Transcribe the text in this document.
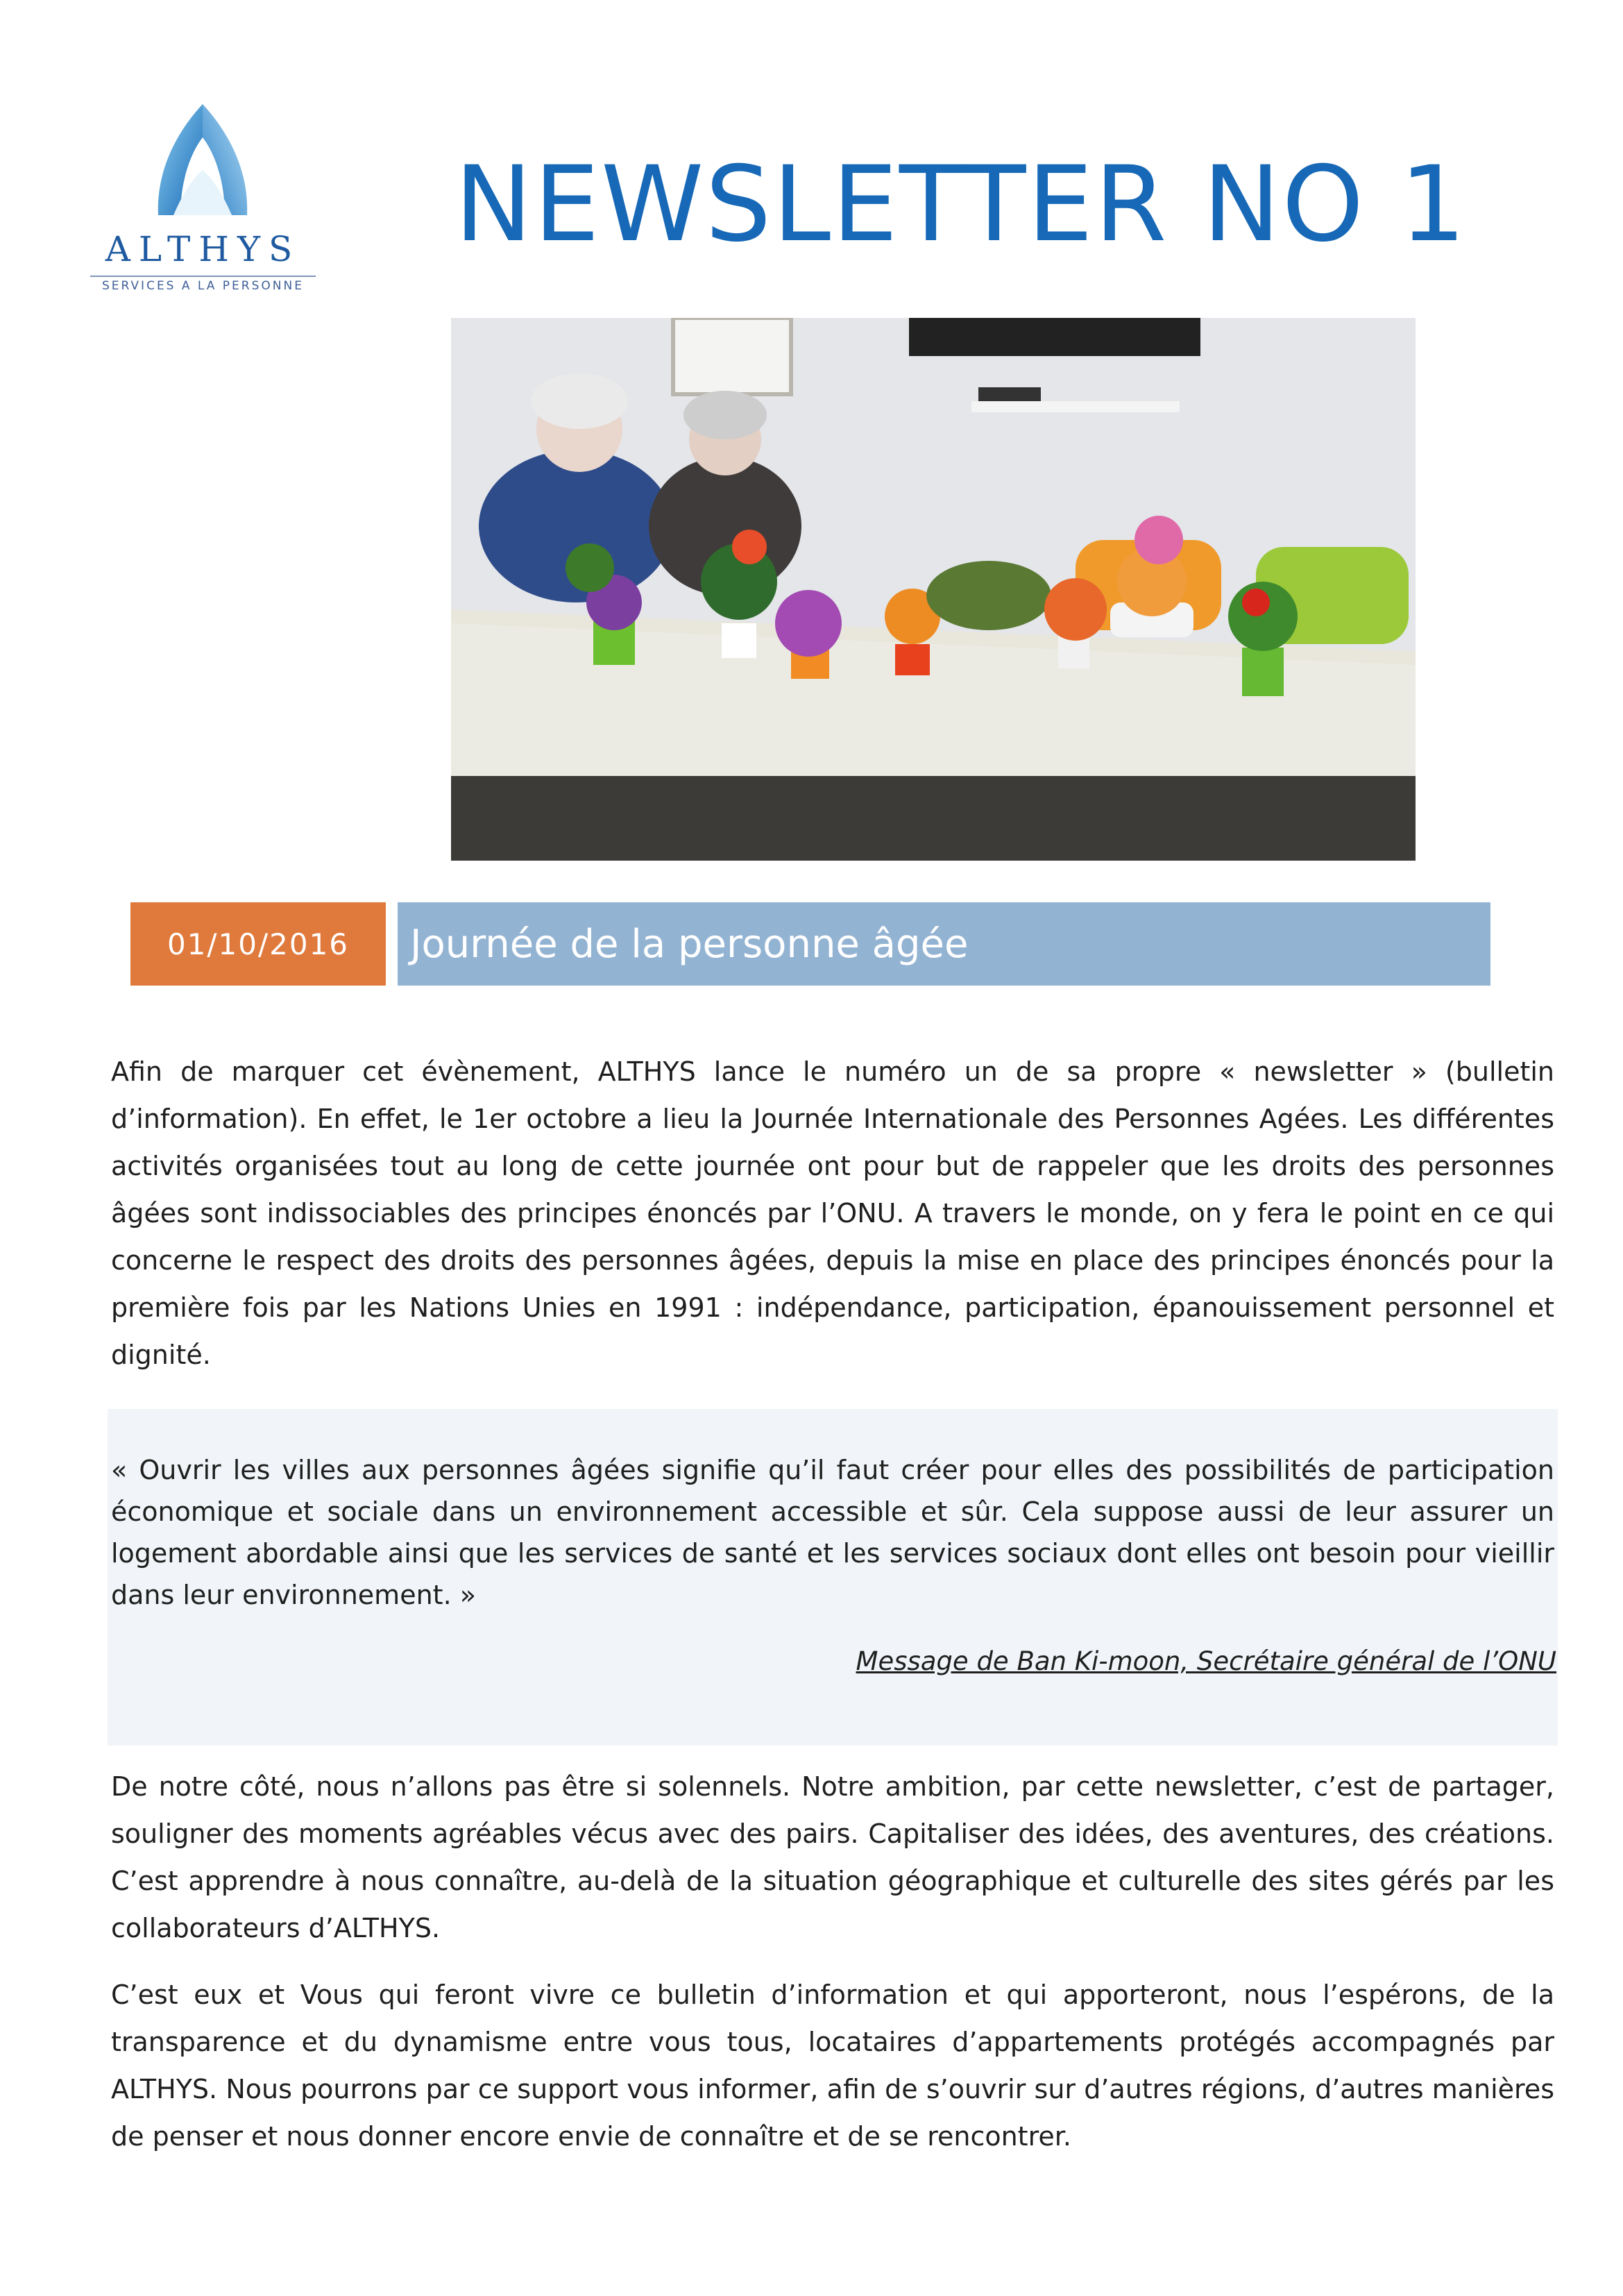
ALTHYS
SERVICES A LA PERSONNE
NEWSLETTER NO 1
01/10/2016	Journée de la personne âgée

Afin de marquer cet évènement, ALTHYS lance le numéro un de sa propre « newsletter » (bulletin d’information). En effet, le 1er octobre a lieu la Journée Internationale des Personnes Agées. Les différentes activités organisées tout au long de cette journée ont pour but de rappeler que les droits des personnes âgées sont indissociables des principes énoncés par l’ONU. A travers le monde, on y fera le point en ce qui concerne le respect des droits des personnes âgées, depuis la mise en place des principes énoncés pour la première fois par les Nations Unies en 1991 : indépendance, participation, épanouissement personnel et dignité.

« Ouvrir les villes aux personnes âgées signifie qu’il faut créer pour elles des possibilités de participation économique et sociale dans un environnement accessible et sûr. Cela suppose aussi de leur assurer un logement abordable ainsi que les services de santé et les services sociaux dont elles ont besoin pour vieillir dans leur environnement. »

Message de Ban Ki-moon, Secrétaire général de l’ONU

De notre côté, nous n’allons pas être si solennels. Notre ambition, par cette newsletter, c’est de partager, souligner des moments agréables vécus avec des pairs. Capitaliser des idées, des aventures, des créations. C’est apprendre à nous connaître, au-delà de la situation géographique et culturelle des sites gérés par les collaborateurs d’ALTHYS.

C’est eux et Vous qui feront vivre ce bulletin d’information et qui apporteront, nous l’espérons, de la transparence et du dynamisme entre vous tous, locataires d’appartements protégés accompagnés par ALTHYS. Nous pourrons par ce support vous informer, afin de s’ouvrir sur d’autres régions, d’autres manières de penser et nous donner encore envie de connaître et de se rencontrer.
